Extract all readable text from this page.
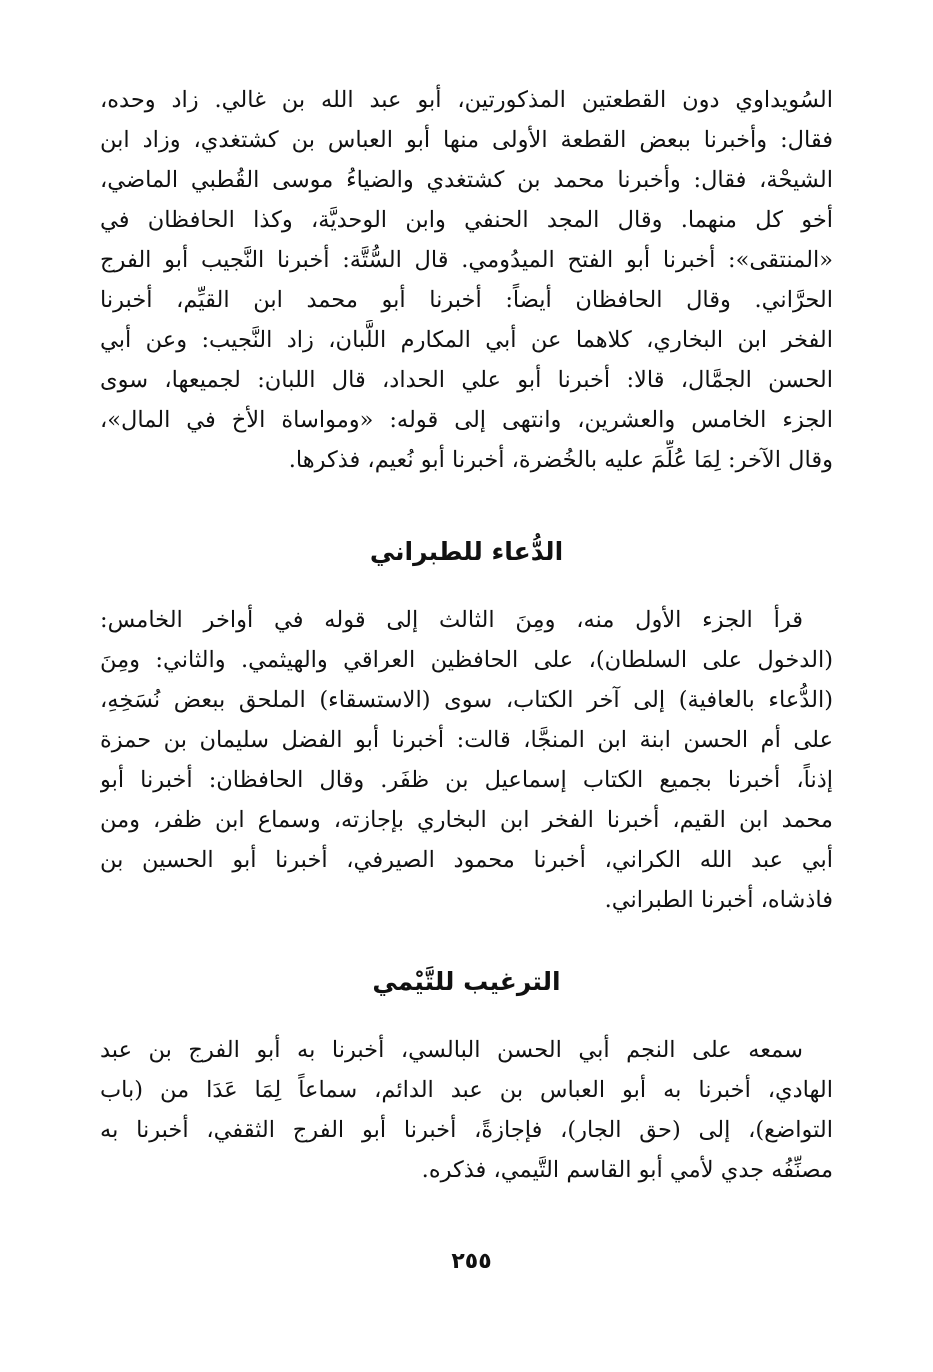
السُويداوي دون القطعتين المذكورتين، أبو عبد الله بن غالي. زاد وحده،
فقال: وأخبرنا ببعض القطعة الأولى منها أبو العباس بن كشتغدي، وزاد ابن
الشيحْة، فقال: وأخبرنا محمد بن كشتغدي والضياءُ موسى القُطبي الماضي،
أخو كل منهما. وقال المجد الحنفي وابن الوحديَّة، وكذا الحافظان في
«المنتقى»: أخبرنا أبو الفتح الميدُومي. قال السُّتَّة: أخبرنا النَّجيب أبو الفرج
الحرَّاني. وقال الحافظان أيضاً: أخبرنا أبو محمد ابن القيِّم، أخبرنا
الفخر ابن البخاري، كلاهما عن أبي المكارم اللَّبان، زاد النَّجيب: وعن أبي
الحسن الجمَّال، قالا: أخبرنا أبو علي الحداد، قال اللبان: لجميعها، سوى
الجزء الخامس والعشرين، وانتهى إلى قوله: «ومواساة الأخ في المال»،
وقال الآخر: لِمَا عُلِّمَ عليه بالخُضرة، أخبرنا أبو نُعيم، فذكرها.
الدُّعاء للطبراني
قرأ الجزء الأول منه، ومِنَ الثالث إلى قوله في أواخر الخامس:
(الدخول على السلطان)، على الحافظين العراقي والهيثمي. والثاني: ومِنَ
(الدُّعاء بالعافية) إلى آخر الكتاب، سوى (الاستسقاء) الملحق ببعض نُسَخِهِ،
على أم الحسن ابنة ابن المنجَّا، قالت: أخبرنا أبو الفضل سليمان بن حمزة
إذناً، أخبرنا بجميع الكتاب إسماعيل بن ظفَر. وقال الحافظان: أخبرنا أبو
محمد ابن القيم، أخبرنا الفخر ابن البخاري بإجازته، وسماع ابن ظفر، ومن
أبي عبد الله الكراني، أخبرنا محمود الصيرفي، أخبرنا أبو الحسين بن
فاذشاه، أخبرنا الطبراني.
الترغيب للتَّيْمي
سمعه على النجم أبي الحسن البالسي، أخبرنا به أبو الفرج بن عبد
الهادي، أخبرنا به أبو العباس بن عبد الدائم، سماعاً لِمَا عَدَا من (باب
التواضع)، إلى (حق الجار)، فإجازةً، أخبرنا أبو الفرج الثقفي، أخبرنا به
مصنِّفُه جدي لأمي أبو القاسم التَّيمي، فذكره.
٢٥٥
